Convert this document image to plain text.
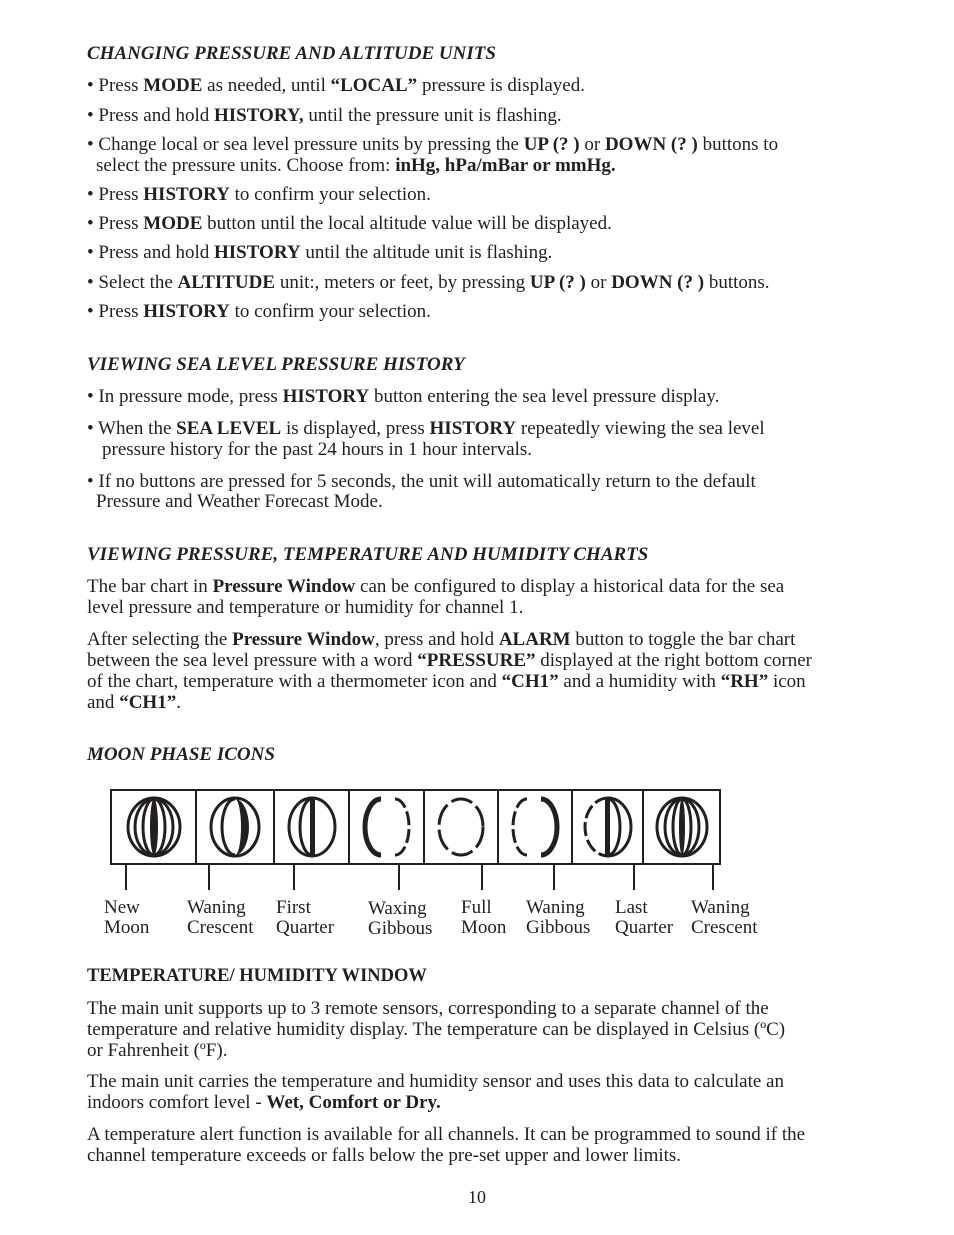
CHANGING PRESSURE AND ALTITUDE UNITS
• Press MODE as needed, until “LOCAL” pressure is displayed.
• Press and hold HISTORY, until the pressure unit is flashing.
• Change local or sea level pressure units by pressing the UP (? ) or DOWN (? ) buttons to
select the pressure units. Choose from: inHg, hPa/mBar or mmHg.
• Press HISTORY to confirm your selection.
• Press MODE button until the local altitude value will be displayed.
• Press and hold HISTORY until the altitude unit is flashing.
• Select the ALTITUDE unit:, meters or feet, by pressing UP (? ) or DOWN (? ) buttons.
• Press HISTORY to confirm your selection.
VIEWING SEA LEVEL PRESSURE HISTORY
• In pressure mode, press HISTORY button entering the sea level pressure display.
• When the SEA LEVEL is displayed, press HISTORY repeatedly viewing the sea level
pressure history for the past 24 hours in 1 hour intervals.
• If no buttons are pressed for 5 seconds, the unit will automatically return to the default
Pressure and Weather Forecast Mode.
VIEWING PRESSURE, TEMPERATURE AND HUMIDITY CHARTS
The bar chart in Pressure Window can be configured to display a historical data for the sea
level pressure and temperature or humidity for channel 1.
After selecting the Pressure Window, press and hold ALARM button to toggle the bar chart
between the sea level pressure with a word “PRESSURE” displayed at the right bottom corner
of the chart, temperature with a thermometer icon and “CH1” and a humidity with “RH” icon
and “CH1”.
MOON PHASE ICONS
New
Moon
Waning
Crescent
First
Quarter
Waxing
Gibbous
Full
Moon
Waning
Gibbous
Last
Quarter
Waning
Crescent
TEMPERATURE/ HUMIDITY WINDOW
The main unit supports up to 3 remote sensors, corresponding to a separate channel of the
temperature and relative humidity display. The temperature can be displayed in Celsius (ºC)
or Fahrenheit (ºF).
The main unit carries the temperature and humidity sensor and uses this data to calculate an
indoors comfort level - Wet, Comfort or Dry.
A temperature alert function is available for all channels. It can be programmed to sound if the
channel temperature exceeds or falls below the pre-set upper and lower limits.
10
